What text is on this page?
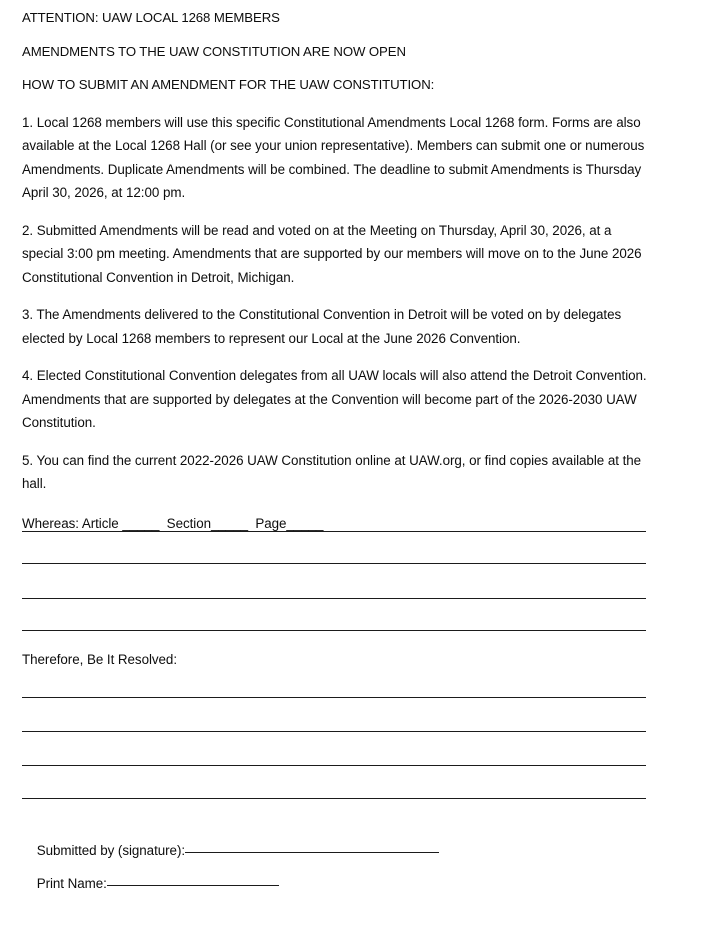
ATTENTION: UAW LOCAL 1268 MEMBERS

AMENDMENTS TO THE UAW CONSTITUTION ARE NOW OPEN

HOW TO SUBMIT AN AMENDMENT FOR THE UAW CONSTITUTION:

1. Local 1268 members will use this specific Constitutional Amendments Local 1268 form. Forms are also available at the Local 1268 Hall (or see your union representative). Members can submit one or numerous Amendments. Duplicate Amendments will be combined. The deadline to submit Amendments is Thursday April 30, 2026, at 12:00 pm.

2. Submitted Amendments will be read and voted on at the Meeting on Thursday, April 30, 2026, at a special 3:00 pm meeting. Amendments that are supported by our members will move on to the June 2026 Constitutional Convention in Detroit, Michigan.

3. The Amendments delivered to the Constitutional Convention in Detroit will be voted on by delegates elected by Local 1268 members to represent our Local at the June 2026 Convention.

4. Elected Constitutional Convention delegates from all UAW locals will also attend the Detroit Convention. Amendments that are supported by delegates at the Convention will become part of the 2026-2030 UAW Constitution.

5. You can find the current 2022-2026 UAW Constitution online at UAW.org, or find copies available at the hall.

Whereas: Article _____  Section_____  Page_____

Therefore, Be It Resolved:

Submitted by (signature):

Print Name:
